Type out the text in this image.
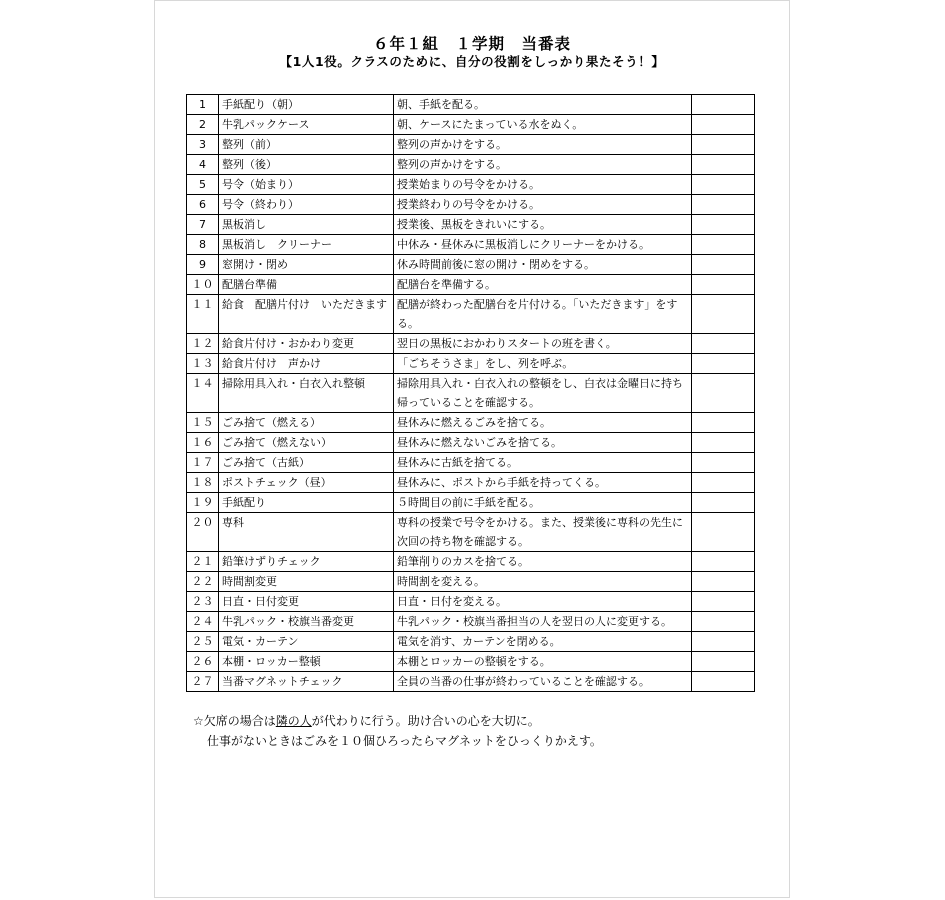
６年１組　１学期　当番表
【1人1役。クラスのために、自分の役割をしっかり果たそう！】
1	手紙配り（朝）	朝、手紙を配る。	
2	牛乳パックケース	朝、ケースにたまっている水をぬく。	
3	整列（前）	整列の声かけをする。	
4	整列（後）	整列の声かけをする。	
5	号令（始まり）	授業始まりの号令をかける。	
6	号令（終わり）	授業終わりの号令をかける。	
7	黒板消し	授業後、黒板をきれいにする。	
8	黒板消し　クリーナー	中休み・昼休みに黒板消しにクリーナーをかける。	
9	窓開け・閉め	休み時間前後に窓の開け・閉めをする。	
１０	配膳台準備	配膳台を準備する。	
１１	給食　配膳片付け　いただきます	配膳が終わった配膳台を片付ける。「いただきます」をする。	
１２	給食片付け・おかわり変更	翌日の黒板におかわりスタートの班を書く。	
１３	給食片付け　声かけ	「ごちそうさま」をし、列を呼ぶ。	
１４	掃除用具入れ・白衣入れ整頓	掃除用具入れ・白衣入れの整頓をし、白衣は金曜日に持ち帰っていることを確認する。	
１５	ごみ捨て（燃える）	昼休みに燃えるごみを捨てる。	
１６	ごみ捨て（燃えない）	昼休みに燃えないごみを捨てる。	
１７	ごみ捨て（古紙）	昼休みに古紙を捨てる。	
１８	ポストチェック（昼）	昼休みに、ポストから手紙を持ってくる。	
１９	手紙配り	５時間目の前に手紙を配る。	
２０	専科	専科の授業で号令をかける。また、授業後に専科の先生に次回の持ち物を確認する。	
２１	鉛筆けずりチェック	鉛筆削りのカスを捨てる。	
２２	時間割変更	時間割を変える。	
２３	日直・日付変更	日直・日付を変える。	
２４	牛乳パック・校旗当番変更	牛乳パック・校旗当番担当の人を翌日の人に変更する。	
２５	電気・カーテン	電気を消す、カーテンを閉める。	
２６	本棚・ロッカー整頓	本棚とロッカーの整頓をする。	
２７	当番マグネットチェック	全員の当番の仕事が終わっていることを確認する。	
☆欠席の場合は隣の人が代わりに行う。助け合いの心を大切に。
仕事がないときはごみを１０個ひろったらマグネットをひっくりかえす。
